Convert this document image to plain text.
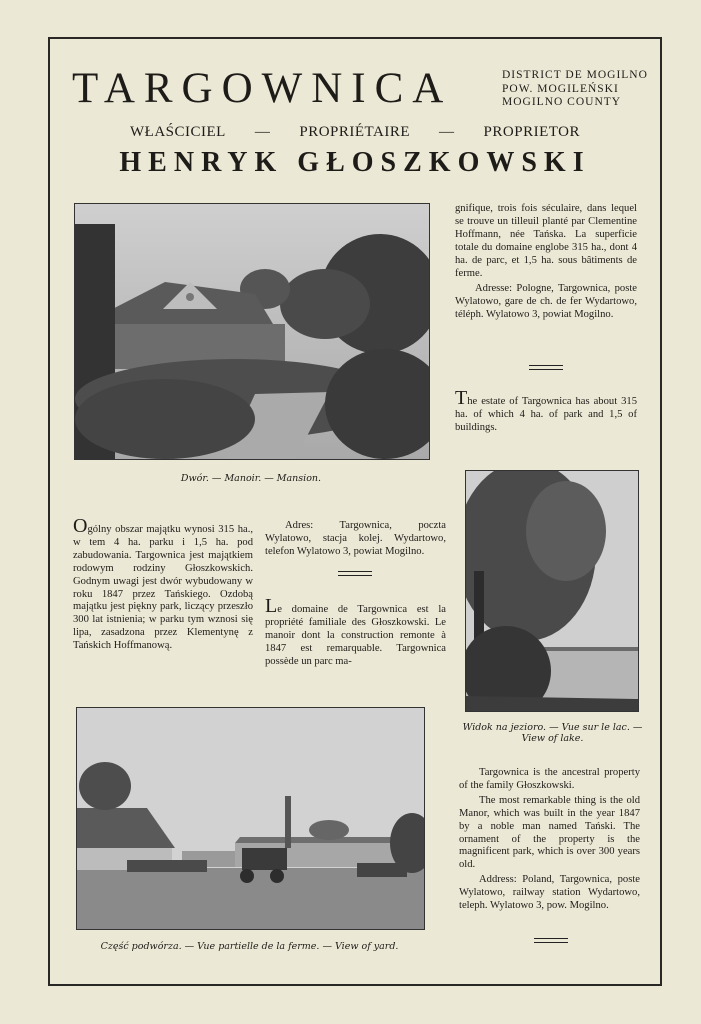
TARGOWNICA	DISTRICT DE MOGILNO
POW. MOGILEŃSKI
MOGILNO COUNTY
WŁAŚCICIEL — PROPRIÉTAIRE — PROPRIETOR
HENRYK GŁOSZKOWSKI
Dwór. — Manoir. — Mansion.

gnifique, trois fois séculaire, dans lequel se trouve un tilleuil planté par Clementine Hoffmann, née Tańska. La superficie totale du domaine englobe 315 ha., dont 4 ha. de parc, et 1,5 ha. sous bâtiments de ferme.

Adresse: Pologne, Targownica, poste Wylatowo, gare de ch. de fer Wydartowo, téléph. Wylatowo 3, powiat Mogilno.

The estate of Targownica has about 315 ha. of which 4 ha. of park and 1,5 of buildings.

Widok na jezioro. — Vue sur le lac. —
View of lake.

Ogólny obszar majątku wynosi 315 ha., w tem 4 ha. parku i 1,5 ha. pod zabudowania. Targownica jest majątkiem rodowym rodziny Głoszkowskich. Godnym uwagi jest dwór wybudowany w roku 1847 przez Tańskiego. Ozdobą majątku jest piękny park, liczący przeszło 300 lat istnienia; w parku tym wznosi się lipa, zasadzona przez Klementynę z Tańskich Hoffmanową.

Adres: Targownica, poczta Wylatowo, stacja kolej. Wydartowo, telefon Wylatowo 3, powiat Mogilno.

Le domaine de Targownica est la propriété familiale des Głoszkowski. Le manoir dont la construction remonte à 1847 est remarquable. Targownica possède un parc ma-

Część podwórza. — Vue partielle de la ferme. — View of yard.

Targownica is the ancestral property of the family Głoszkowski.

The most remarkable thing is the old Manor, which was built in the year 1847 by a noble man named Tański. The ornament of the property is the magnificent park, which is over 300 years old.

Address: Poland, Targownica, poste Wylatowo, railway station Wydartowo, teleph. Wylatowo 3, pow. Mogilno.
